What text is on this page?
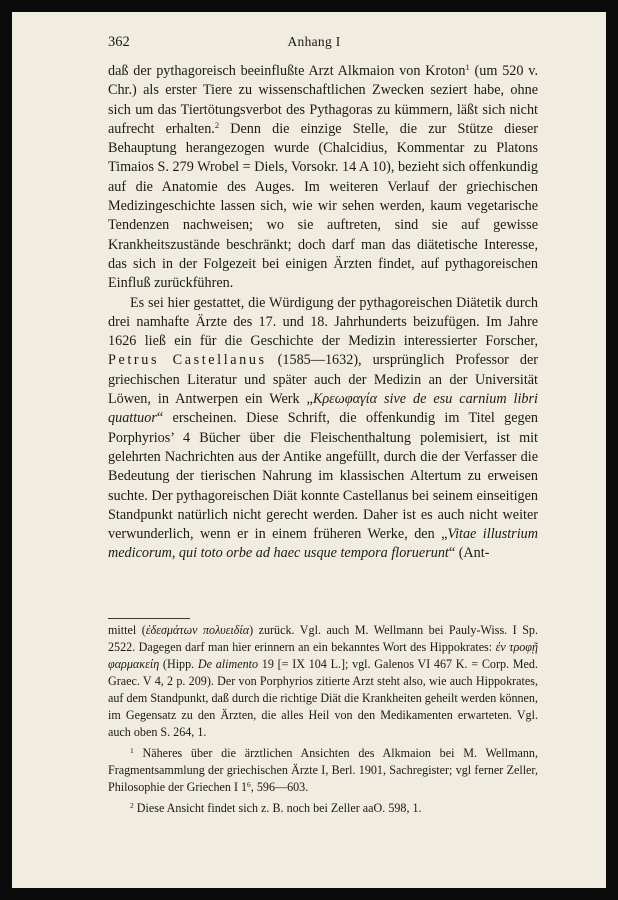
362	Anhang I

daß der pythagoreisch beeinflußte Arzt Alkmaion von Kroton$^1$ (um 520 v. Chr.) als erster Tiere zu wissenschaftlichen Zwecken seziert habe, ohne sich um das Tiertötungsverbot des Pythagoras zu kümmern, läßt sich nicht aufrecht erhalten.$^2$ Denn die einzige Stelle, die zur Stütze dieser Behauptung herangezogen wurde (Chalcidius, Kommentar zu Platons Timaios S. 279 Wrobel = Diels, Vorsokr. 14 A 10), bezieht sich offenkundig auf die Anatomie des Auges. Im weiteren Verlauf der griechischen Medizingeschichte lassen sich, wie wir sehen werden, kaum vegetarische Tendenzen nachweisen; wo sie auftreten, sind sie auf gewisse Krankheitszustände beschränkt; doch darf man das diätetische Interesse, das sich in der Folgezeit bei einigen Ärzten findet, auf pythagoreischen Einfluß zurückführen.

Es sei hier gestattet, die Würdigung der pythagoreischen Diätetik durch drei namhafte Ärzte des 17. und 18. Jahrhunderts beizufügen. Im Jahre 1626 ließ ein für die Geschichte der Medizin interessierter Forscher, Petrus Castellanus (1585—1632), ursprünglich Professor der griechischen Literatur und später auch der Medizin an der Universität Löwen, in Antwerpen ein Werk „Κρεωφαγία sive de esu carnium libri quattuor“ erscheinen. Diese Schrift, die offenkundig im Titel gegen Porphyrios’ 4 Bücher über die Fleischenthaltung polemisiert, ist mit gelehrten Nachrichten aus der Antike angefüllt, durch die der Verfasser die Bedeutung der tierischen Nahrung im klassischen Altertum zu erweisen suchte. Der pythagoreischen Diät konnte Castellanus bei seinem einseitigen Standpunkt natürlich nicht gerecht werden. Daher ist es auch nicht weiter verwunderlich, wenn er in einem früheren Werke, den „Vitae illustrium medicorum, qui toto orbe ad haec usque tempora floruerunt“ (Ant-

mittel (ἐδεσμάτων πολυειδία) zurück. Vgl. auch M. Wellmann bei Pauly-Wiss. I Sp. 2522. Dagegen darf man hier erinnern an ein bekanntes Wort des Hippokrates: ἐν τροφῇ φαρμακείη (Hipp. De alimento 19 [= IX 104 L.]; vgl. Galenos VI 467 K. = Corp. Med. Graec. V 4, 2 p. 209). Der von Porphyrios zitierte Arzt steht also, wie auch Hippokrates, auf dem Standpunkt, daß durch die richtige Diät die Krankheiten geheilt werden können, im Gegensatz zu den Ärzten, die alles Heil von den Medikamenten erwarteten. Vgl. auch oben S. 264, 1.

$^1$ Näheres über die ärztlichen Ansichten des Alkmaion bei M. Wellmann, Fragmentsammlung der griechischen Ärzte I, Berl. 1901, Sachregister; vgl ferner Zeller, Philosophie der Griechen I $1^6$, 596—603.

$^2$ Diese Ansicht findet sich z. B. noch bei Zeller aaO. 598, 1.
